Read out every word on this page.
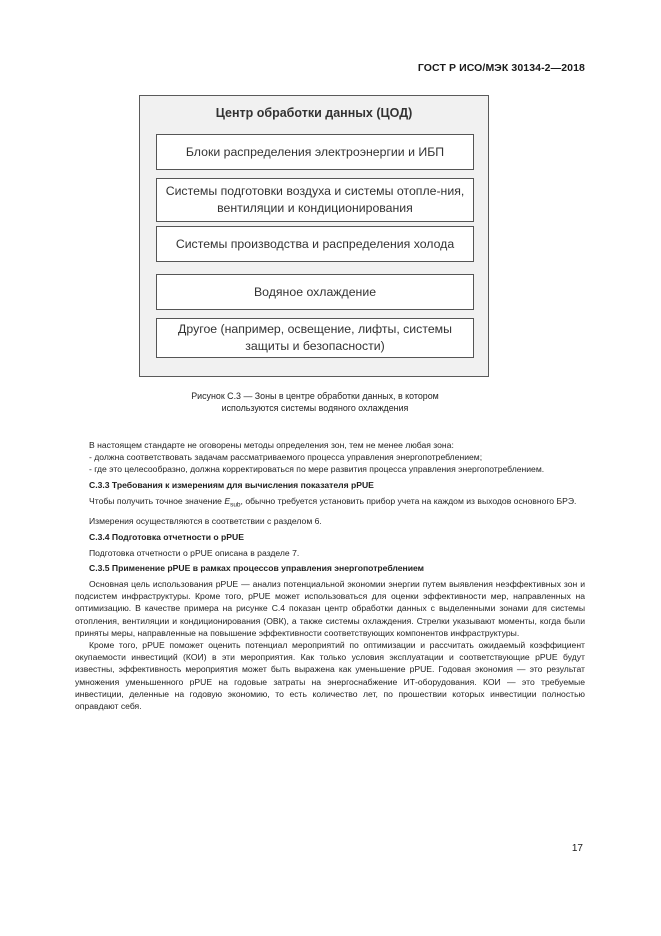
ГОСТ Р ИСО/МЭК 30134-2—2018
Центр обработки данных (ЦОД)
Блоки распределения электроэнергии и ИБП
Системы подготовки воздуха и системы отопле-ния, вентиляции и кондиционирования
Системы производства и распределения холода
Водяное охлаждение
Другое (например, освещение, лифты, системы защиты и безопасности)
Рисунок С.3 — Зоны в центре обработки данных, в котором
используются системы водяного охлаждения

В настоящем стандарте не оговорены методы определения зон, тем не менее любая зона:

- должна соответствовать задачам рассматриваемого процесса управления энергопотреблением;

- где это целесообразно, должна корректироваться по мере развития процесса управления энергопотреблением.

С.3.3 Требования к измерениям для вычисления показателя pPUE

Чтобы получить точное значение $E_{sub}$, обычно требуется установить прибор учета на каждом из выходов основного БРЭ.

Измерения осуществляются в соответствии с разделом 6.

С.3.4 Подготовка отчетности о pPUE

Подготовка отчетности о pPUE описана в разделе 7.

С.3.5 Применение pPUE в рамках процессов управления энергопотреблением

Основная цель использования pPUE — анализ потенциальной экономии энергии путем выявления неэффективных зон и подсистем инфраструктуры. Кроме того, pPUE может использоваться для оценки эффективности мер, направленных на оптимизацию. В качестве примера на рисунке С.4 показан центр обработки данных с выделенными зонами для системы отопления, вентиляции и кондиционирования (ОВК), а также системы охлаждения. Стрелки указывают моменты, когда были приняты меры, направленные на повышение эффективности соответствующих компонентов инфраструктуры.

Кроме того, pPUE поможет оценить потенциал мероприятий по оптимизации и рассчитать ожидаемый коэффициент окупаемости инвестиций (КОИ) в эти мероприятия. Как только условия эксплуатации и соответствующие pPUE будут известны, эффективность мероприятия может быть выражена как уменьшение pPUE. Годовая экономия — это результат умножения уменьшенного pPUE на годовые затраты на энергоснабжение ИТ-оборудования. КОИ — это требуемые инвестиции, деленные на годовую экономию, то есть количество лет, по прошествии которых инвестиции полностью оправдают себя.

17
